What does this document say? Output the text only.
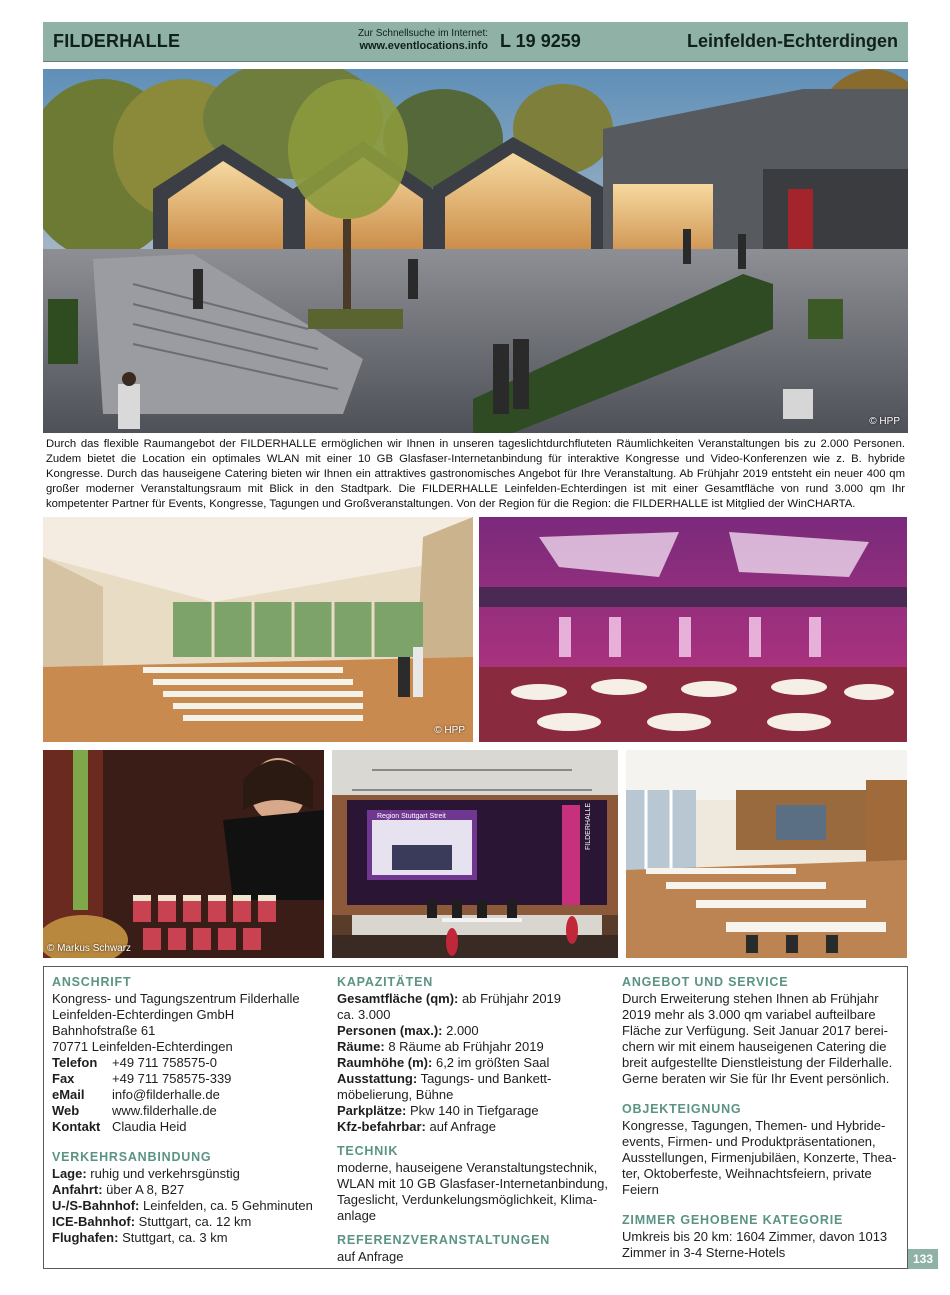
FILDERHALLE	Zur Schnellsuche im Internet:
www.eventlocations.info L 19 9259	Leinfelden-Echterdingen
© HPP
Durch das flexible Raumangebot der FILDERHALLE ermöglichen wir Ihnen in unseren tageslichtdurchfluteten Räumlichkeiten Veranstaltungen bis zu 2.000 Personen. Zudem bietet die Location ein optimales WLAN mit einer 10 GB Glasfaser-Internetanbindung für interaktive Kongresse und Video-Konferenzen wie z. B. hybride Kongresse. Durch das hauseigene Catering bieten wir Ihnen ein attraktives gastronomisches Angebot für Ihre Veranstaltung. Ab Frühjahr 2019 entsteht ein neuer 400 qm großer moderner Veranstaltungsraum mit Blick in den Stadtpark. Die FILDERHALLE Leinfelden-Echterdingen ist mit einer Gesamtfläche von rund 3.000 qm Ihr kompetenter Partner für Events, Kongresse, Tagungen und Großveranstaltungen. Von der Region für die Region: die FILDERHALLE ist Mitglied der WinCHARTA.
© HPP
© Markus Schwarz
Region Stuttgart Streit	FILDERHALLE
ANSCHRIFT
Kongress- und Tagungszentrum Filderhalle
Leinfelden-Echterdingen GmbH
Bahnhofstraße 61
70771 Leinfelden-Echterdingen
Telefon	+49 711 758575-0
Fax	+49 711 758575-339
eMail	info@filderhalle.de
Web	www.filderhalle.de
Kontakt Claudia Heid
VERKEHRSANBINDUNG
Lage: ruhig und verkehrsgünstig
Anfahrt: über A 8, B27
U-/S-Bahnhof: Leinfelden, ca. 5 Gehminuten
ICE-Bahnhof: Stuttgart, ca. 12 km
Flughafen: Stuttgart, ca. 3 km
KAPAZITÄTEN
Gesamtfläche (qm): ab Frühjahr 2019
ca. 3.000
Personen (max.): 2.000
Räume: 8 Räume ab Frühjahr 2019
Raumhöhe (m): 6,2 im größten Saal
Ausstattung: Tagungs- und Bankett-
möbelierung, Bühne
Parkplätze: Pkw 140 in Tiefgarage
Kfz-befahrbar: auf Anfrage
TECHNIK
moderne, hauseigene Veranstaltungstechnik,
WLAN mit 10 GB Glasfaser-Internetanbindung,
Tageslicht, Verdunkelungsmöglichkeit, Klima-
anlage
REFERENZVERANSTALTUNGEN
auf Anfrage
ANGEBOT UND SERVICE
Durch Erweiterung stehen Ihnen ab Frühjahr
2019 mehr als 3.000 qm variabel aufteilbare
Fläche zur Verfügung. Seit Januar 2017 berei-
chern wir mit einem hauseigenen Catering die
breit aufgestellte Dienstleistung der Filderhalle.
Gerne beraten wir Sie für Ihr Event persönlich.
OBJEKTEIGNUNG
Kongresse, Tagungen, Themen- und Hybride-
events, Firmen- und Produktpräsentationen,
Ausstellungen, Firmenjubiläen, Konzerte, Thea-
ter, Oktoberfeste, Weihnachtsfeiern, private
Feiern
ZIMMER GEHOBENE KATEGORIE
Umkreis bis 20 km: 1604 Zimmer, davon 1013
Zimmer in 3-4 Sterne-Hotels	133
